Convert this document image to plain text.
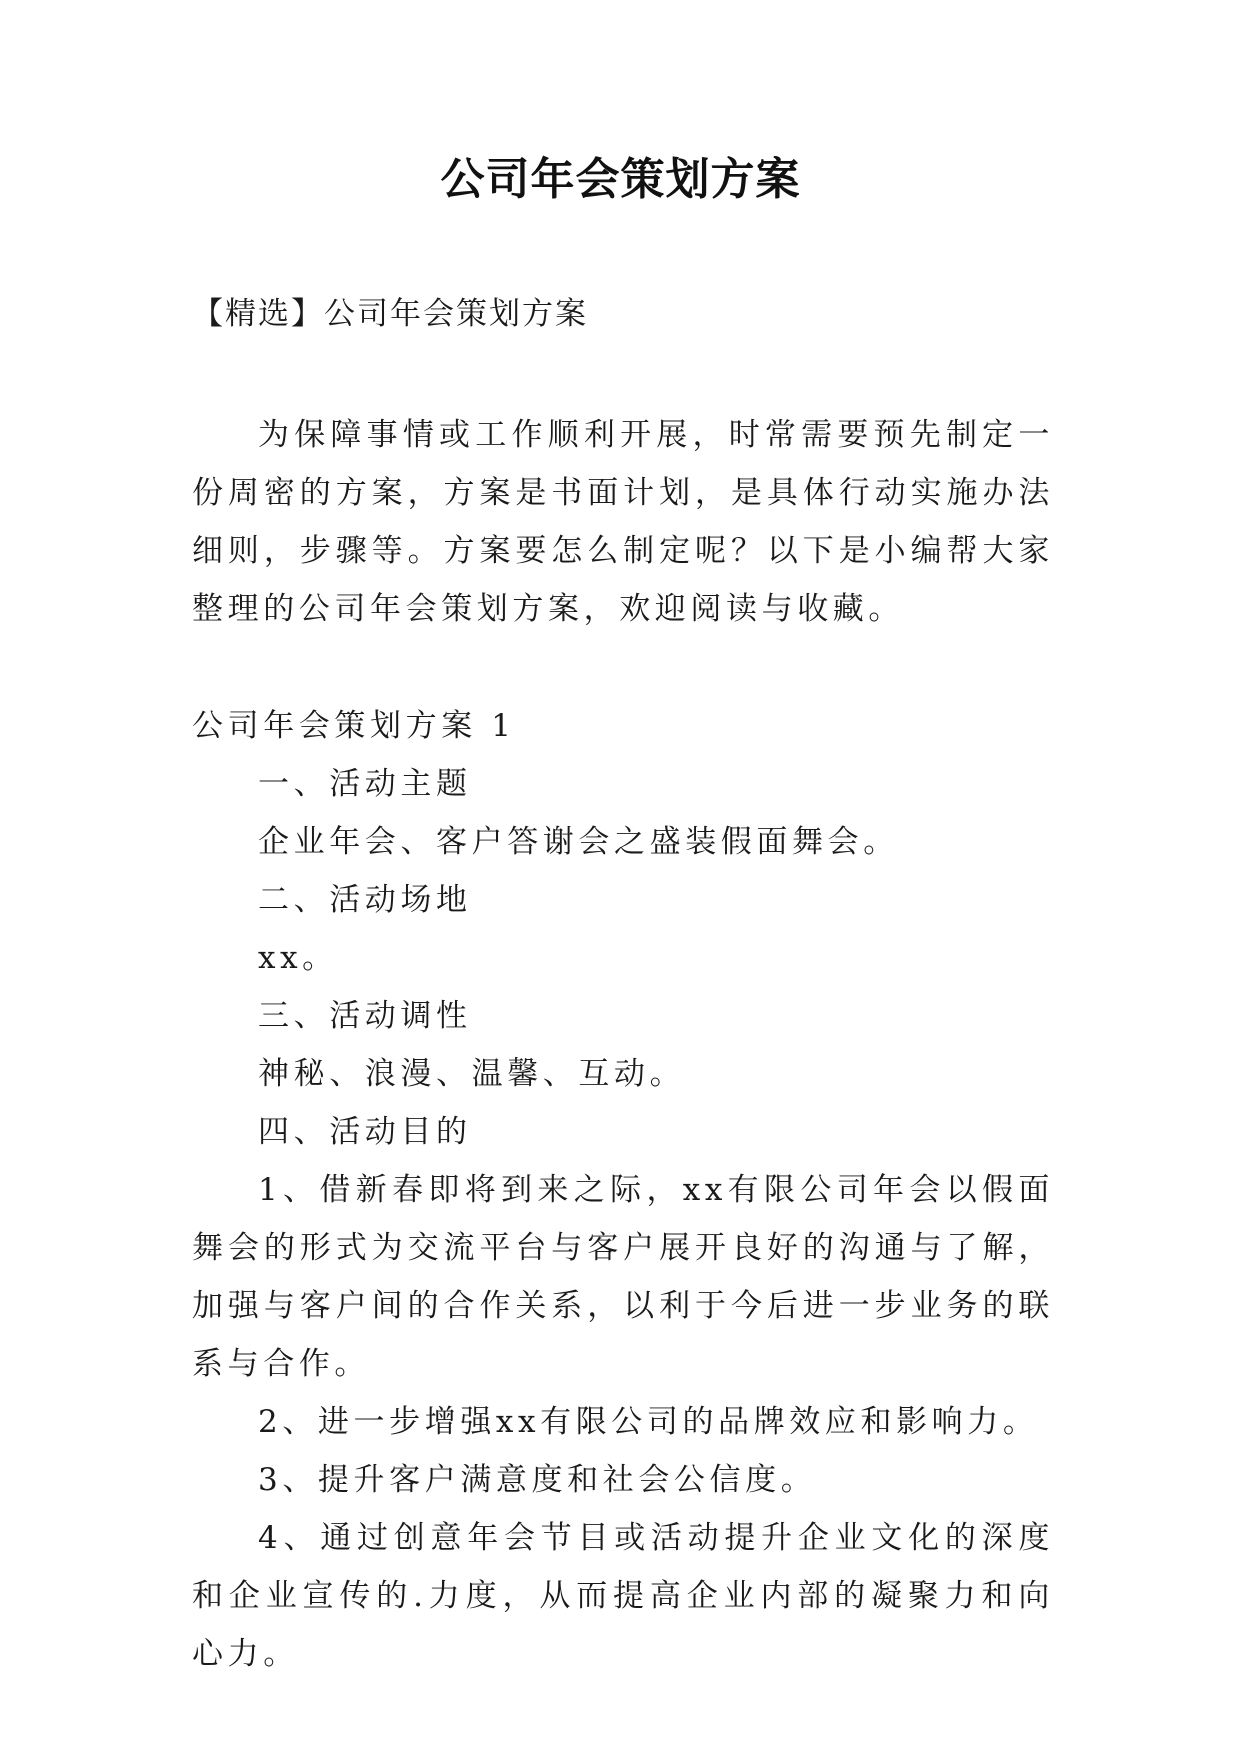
公司年会策划方案

【精选】公司年会策划方案

为保障事情或工作顺利开展，时常需要预先制定一份周密的方案，方案是书面计划，是具体行动实施办法细则，步骤等。方案要怎么制定呢？以下是小编帮大家整理的公司年会策划方案，欢迎阅读与收藏。

公司年会策划方案 1

一、活动主题

企业年会、客户答谢会之盛装假面舞会。

二、活动场地

xx。

三、活动调性

神秘、浪漫、温馨、互动。

四、活动目的

1、借新春即将到来之际，xx有限公司年会以假面舞会的形式为交流平台与客户展开良好的沟通与了解，加强与客户间的合作关系，以利于今后进一步业务的联系与合作。

2、进一步增强xx有限公司的品牌效应和影响力。

3、提升客户满意度和社会公信度。

4、通过创意年会节目或活动提升企业文化的深度和企业宣传的.力度，从而提高企业内部的凝聚力和向心力。
